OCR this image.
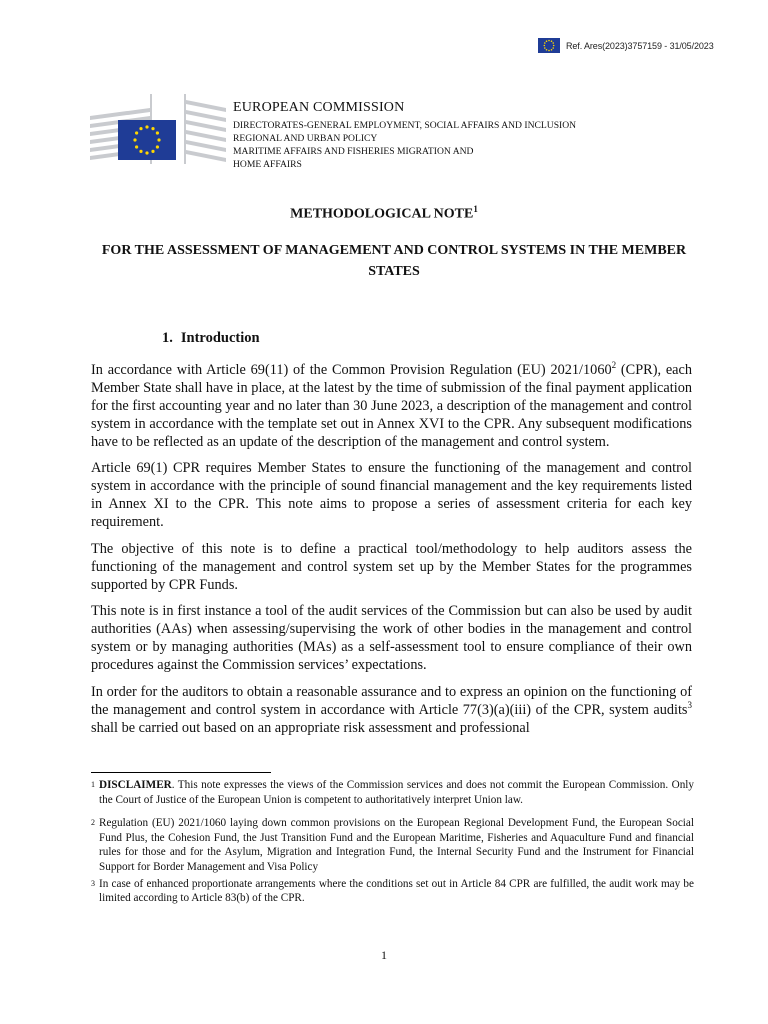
Ref. Ares(2023)3757159 - 31/05/2023
EUROPEAN COMMISSION
DIRECTORATES-GENERAL EMPLOYMENT, SOCIAL AFFAIRS AND INCLUSION
REGIONAL AND URBAN POLICY
MARITIME AFFAIRS AND FISHERIES MIGRATION AND
HOME AFFAIRS
METHODOLOGICAL NOTE$^1$
FOR THE ASSESSMENT OF MANAGEMENT AND CONTROL SYSTEMS IN THE MEMBER STATES
1. Introduction

In accordance with Article 69(11) of the Common Provision Regulation (EU) 2021/1060$^2$ (CPR), each Member State shall have in place, at the latest by the time of submission of the final payment application for the first accounting year and no later than 30 June 2023, a description of the management and control system in accordance with the template set out in Annex XVI to the CPR. Any subsequent modifications have to be reflected as an update of the description of the management and control system.

Article 69(1) CPR requires Member States to ensure the functioning of the management and control system in accordance with the principle of sound financial management and the key requirements listed in Annex XI to the CPR. This note aims to propose a series of assessment criteria for each key requirement.

The objective of this note is to define a practical tool/methodology to help auditors assess the functioning of the management and control system set up by the Member States for the programmes supported by CPR Funds.

This note is in first instance a tool of the audit services of the Commission but can also be used by audit authorities (AAs) when assessing/supervising the work of other bodies in the management and control system or by managing authorities (MAs) as a self-assessment tool to ensure compliance of their own procedures against the Commission services’ expectations.

In order for the auditors to obtain a reasonable assurance and to express an opinion on the functioning of the management and control system in accordance with Article 77(3)(a)(iii) of the CPR, system audits$^3$ shall be carried out based on an appropriate risk assessment and professional

1 DISCLAIMER. This note expresses the views of the Commission services and does not commit the European Commission. Only the Court of Justice of the European Union is competent to authoritatively interpret Union law.
2 Regulation (EU) 2021/1060 laying down common provisions on the European Regional Development Fund, the European Social Fund Plus, the Cohesion Fund, the Just Transition Fund and the European Maritime, Fisheries and Aquaculture Fund and financial rules for those and for the Asylum, Migration and Integration Fund, the Internal Security Fund and the Instrument for Financial Support for Border Management and Visa Policy
3 In case of enhanced proportionate arrangements where the conditions set out in Article 84 CPR are fulfilled, the audit work may be limited according to Article 83(b) of the CPR.
1
